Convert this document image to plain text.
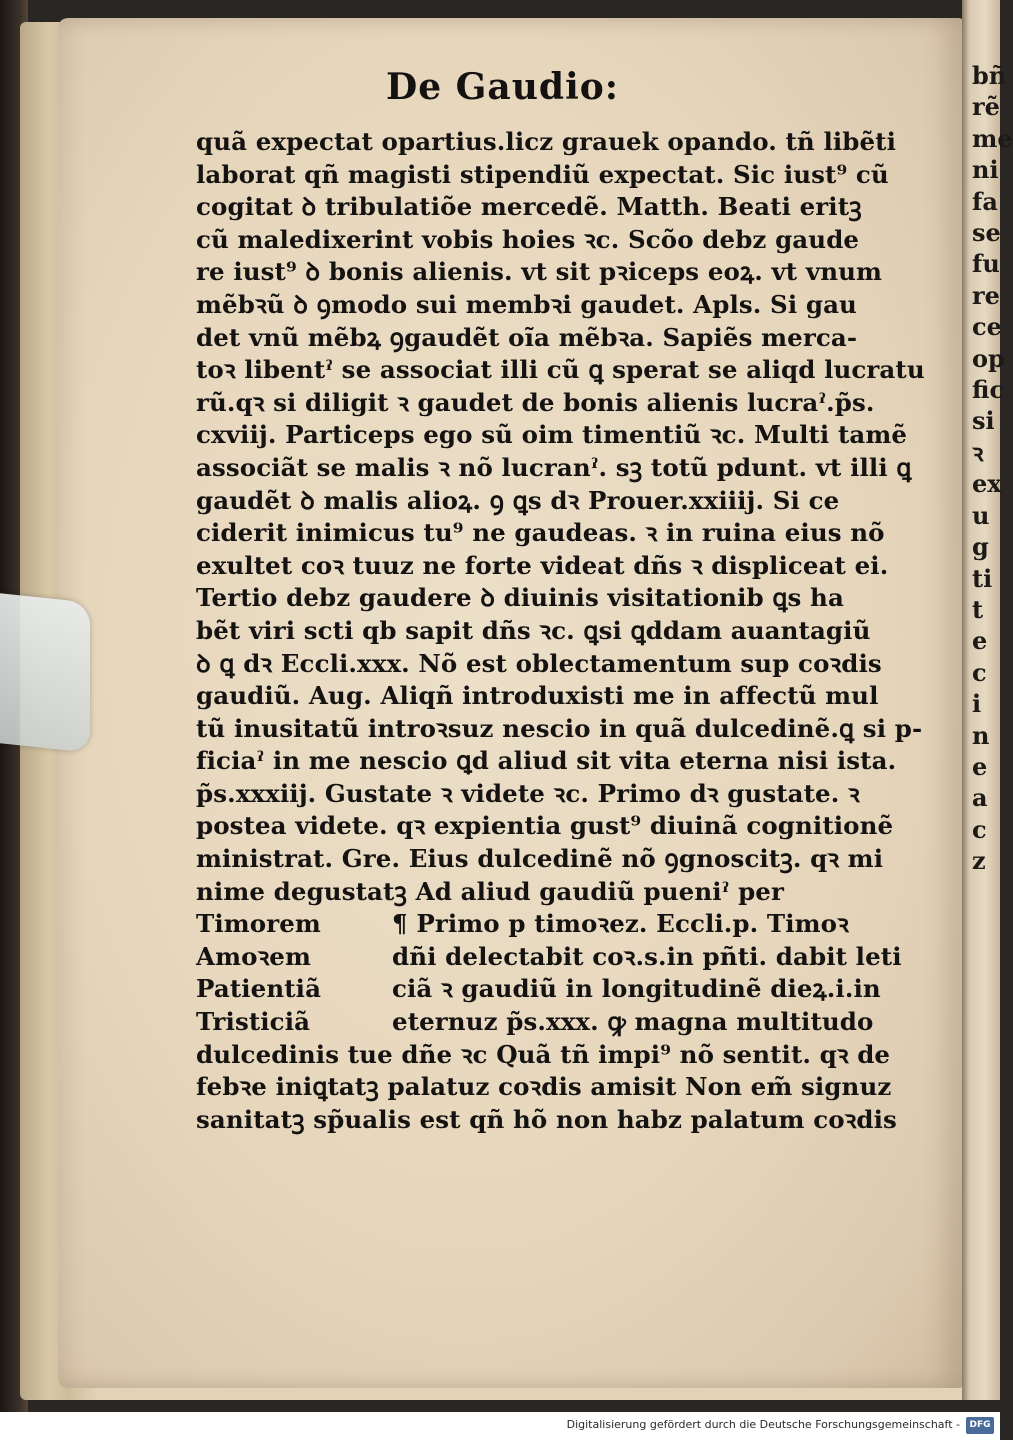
De Gaudio:
quã expectat opartius.licz grauek opando. tñ libẽti
laborat qñ magisti stipendiũ expectat. Sic iust⁹ cũ
cogitat ꝺ tribulatiõe mercedẽ. Matth. Beati eritꝫ
cũ maledixerint vobis hoies ꝛc. Scõo debz gaude
re iust⁹ ꝺ bonis alienis. vt sit pꝛiceps eoꝝ. vt vnum
mẽbꝛũ ꝺ ꝯmodo sui membꝛi gaudet. Apls. Si gau
det vnũ mẽbꝝ ꝯgaudẽt oĩa mẽbꝛa. Sapiẽs merca-
toꝛ libentˀ se associat illi cũ ꝗ sperat se aliqd lucratu
rũ.qꝛ si diligit ꝛ gaudet de bonis alienis lucraˀ.p̃s.
cxviij. Particeps ego sũ oim timentiũ ꝛc. Multi tamẽ
associãt se malis ꝛ nõ lucranˀ. sꝫ totũ pdunt. vt illi ꝗ
gaudẽt ꝺ malis alioꝝ. ꝯ ꝗs dꝛ Prouer.xxiiij. Si ce
ciderit inimicus tu⁹ ne gaudeas. ꝛ in ruina eius nõ
exultet coꝛ tuuz ne forte videat dñs ꝛ displiceat ei.
Tertio debz gaudere ꝺ diuinis visitationib ꝗs ha
bẽt viri scti qb sapit dñs ꝛc. ꝗsi ꝗddam auantagiũ
ꝺ ꝗ dꝛ Eccli.xxx. Nõ est oblectamentum sup coꝛdis
gaudiũ. Aug. Aliqñ introduxisti me in affectũ mul
tũ inusitatũ introꝛsuz nescio in quã dulcedinẽ.ꝗ si p-
ficiaˀ in me nescio ꝗd aliud sit vita eterna nisi ista.
p̃s.xxxiij. Gustate ꝛ videte ꝛc. Primo dꝛ gustate. ꝛ
postea videte. qꝛ expientia gust⁹ diuinã cognitionẽ
ministrat. Gre. Eius dulcedinẽ nõ ꝯgnoscitꝫ. qꝛ mi
nime degustatꝫ Ad aliud gaudiũ pueniˀ per
Timorem	¶ Primo p timoꝛez. Eccli.p. Timoꝛ
Amoꝛem	dñi delectabit coꝛ.s.in pñti. dabit leti
Patientiã	ciã ꝛ gaudiũ in longitudinẽ dieꝝ.i.in
Tristiciã	eternuz p̃s.xxx. ꝙ magna multitudo
dulcedinis tue dñe ꝛc Quã tñ impi⁹ nõ sentit. qꝛ de
febꝛe iniꝗtatꝫ palatuz coꝛdis amisit Non em̃ signuz
sanitatꝫ sp̃ualis est qñ hõ non habz palatum coꝛdis
bñ
rẽ
me
ni
fa
se
fu
re
ce
op
fic
si
ꝛ
ex
u
g
ti
t
e
c
i
n
e
a
c
z
Digitalisierung gefördert durch die Deutsche Forschungsgemeinschaft -	DFG
